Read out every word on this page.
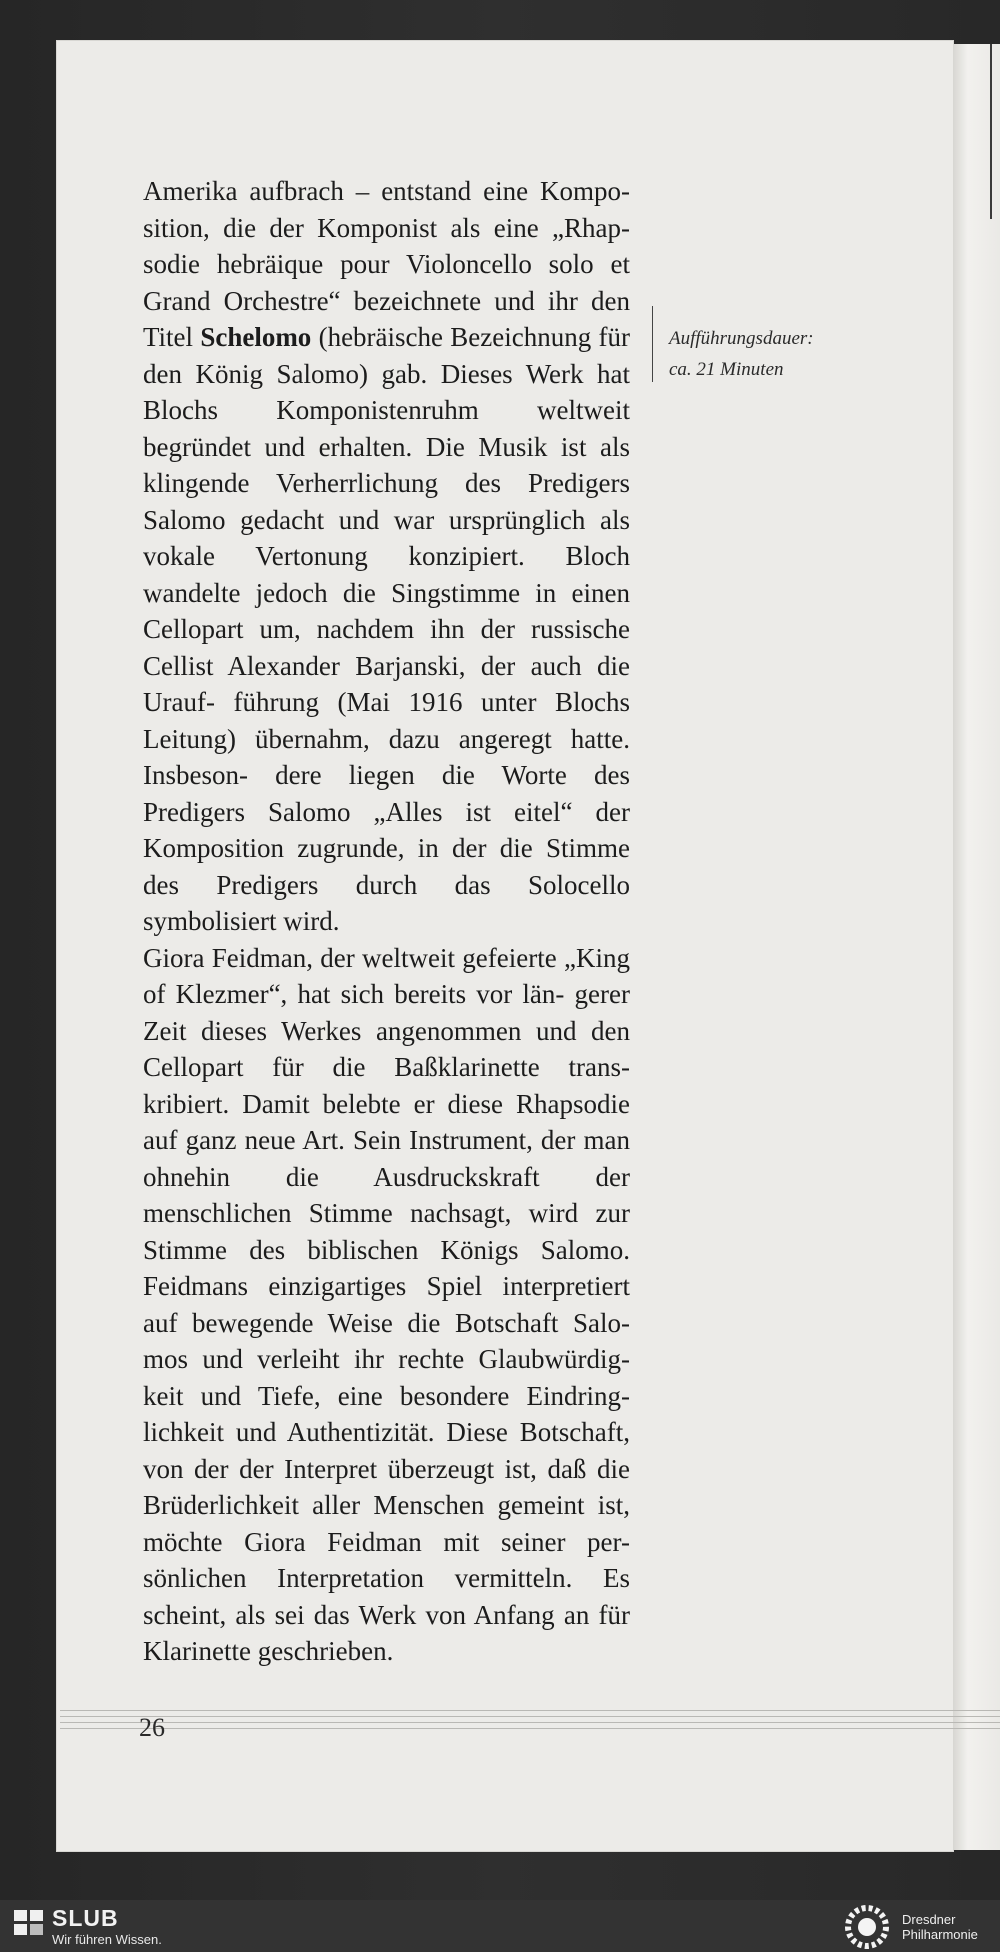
Amerika aufbrach – entstand eine Kompo- sition, die der Komponist als eine „Rhap- sodie hebräique pour Violoncello solo et Grand Orchestre“ bezeichnete und ihr den Titel Schelomo (hebräische Bezeichnung für den König Salomo) gab. Dieses Werk hat Blochs Komponistenruhm weltweit begründet und erhalten. Die Musik ist als klingende Verherrlichung des Predigers Salomo gedacht und war ursprünglich als vokale Vertonung konzipiert. Bloch wandelte jedoch die Singstimme in einen Cellopart um, nachdem ihn der russische Cellist Alexander Barjanski, der auch die Urauf- führung (Mai 1916 unter Blochs Leitung) übernahm, dazu angeregt hatte. Insbeson- dere liegen die Worte des Predigers Salomo „Alles ist eitel“ der Komposition zugrunde, in der die Stimme des Predigers durch das Solocello symbolisiert wird.

Giora Feidman, der weltweit gefeierte „King of Klezmer“, hat sich bereits vor län- gerer Zeit dieses Werkes angenommen und den Cellopart für die Baßklarinette trans- kribiert. Damit belebte er diese Rhapsodie auf ganz neue Art. Sein Instrument, der man ohnehin die Ausdruckskraft der menschlichen Stimme nachsagt, wird zur Stimme des biblischen Königs Salomo. Feidmans einzigartiges Spiel interpretiert auf bewegende Weise die Botschaft Salo- mos und verleiht ihr rechte Glaubwürdig- keit und Tiefe, eine besondere Eindring- lichkeit und Authentizität. Diese Botschaft, von der der Interpret überzeugt ist, daß die Brüderlichkeit aller Menschen gemeint ist, möchte Giora Feidman mit seiner per- sönlichen Interpretation vermitteln. Es scheint, als sei das Werk von Anfang an für Klarinette geschrieben.

Aufführungsdauer:
ca. 21 Minuten
26
SLUB
Wir führen Wissen.
Dresdner
Philharmonie
